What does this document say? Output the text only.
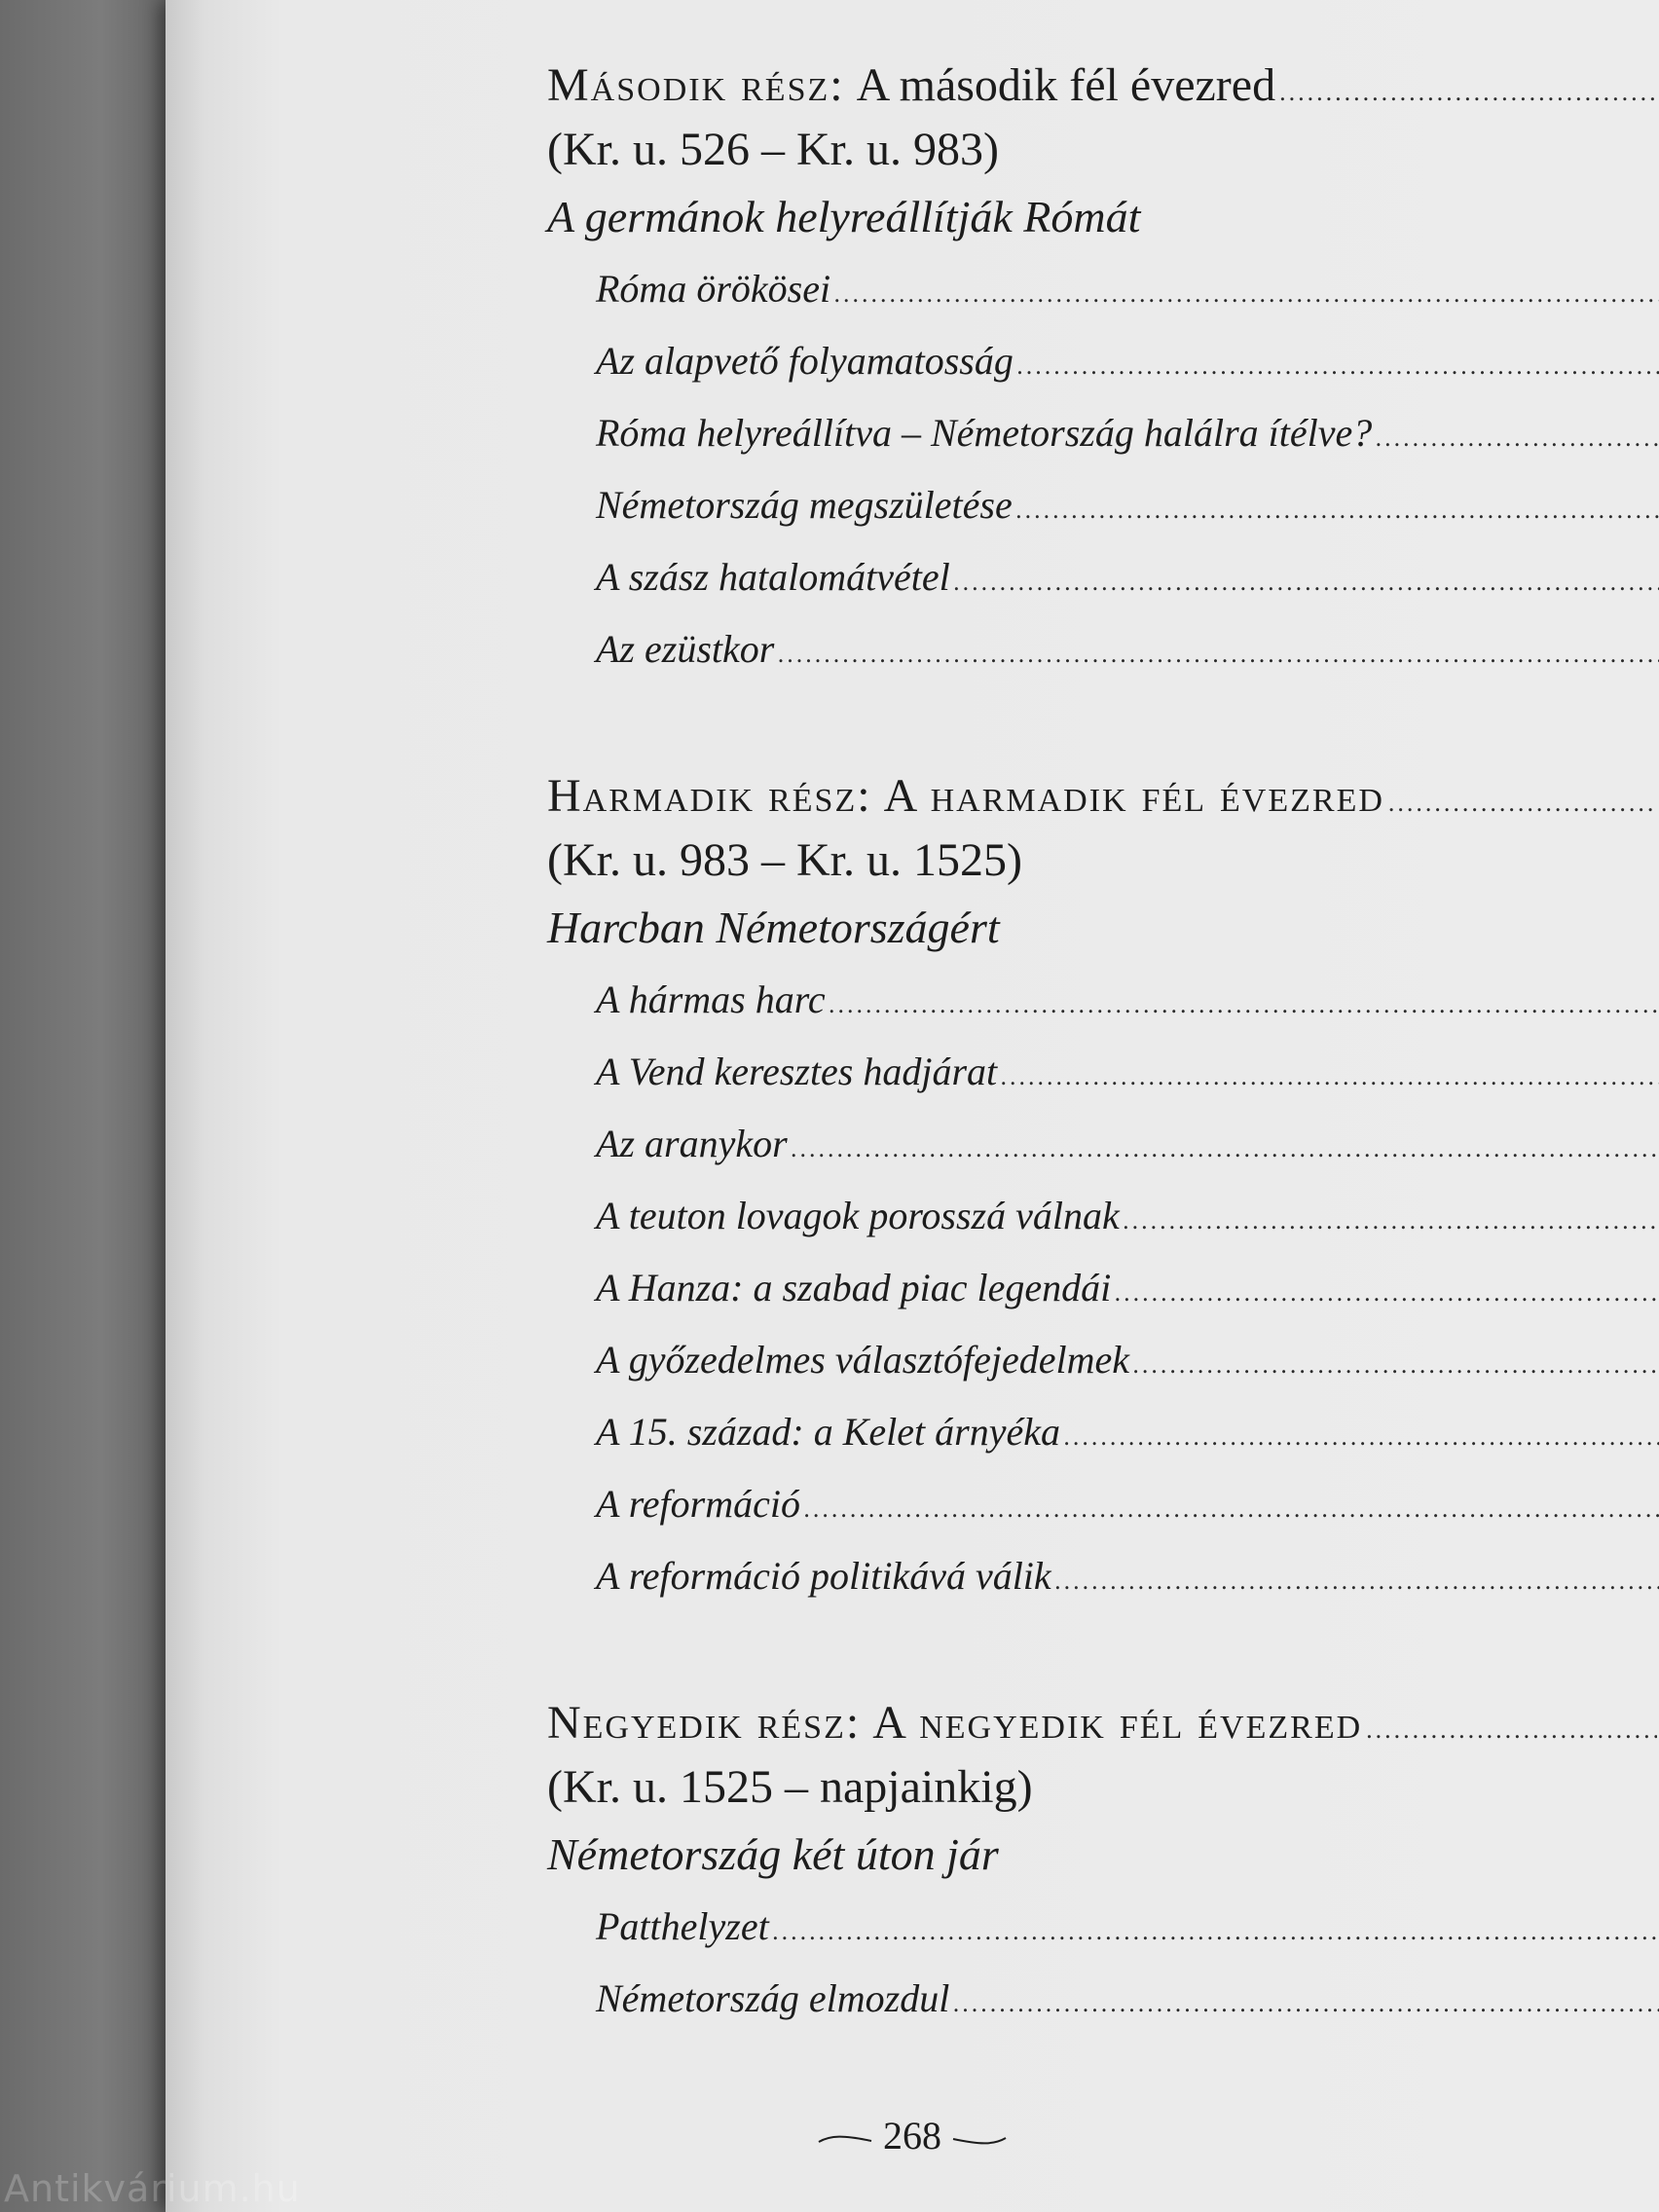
Második rész:
A második fél évezred
.....
(Kr. u. 526 – Kr. u. 983)
A germánok helyreállítják Rómát
Róma örökösei
.....
Az alapvető folyamatosság
.....
Róma helyreállítva – Németország halálra ítélve?
.....
Németország megszületése
.....
A szász hatalomátvétel
.....
Az ezüstkor
.....
Harmadik rész:
A harmadik fél évezred
.....
(Kr. u. 983 – Kr. u. 1525)
Harcban Németországért
A hármas harc
.....
A Vend keresztes hadjárat
.....
Az aranykor
.....
A teuton lovagok porosszá válnak
.....
A Hanza: a szabad piac legendái
.....
A győzedelmes választófejedelmek
.....
A 15. század: a Kelet árnyéka
.....
A reformáció
.....
A reformáció politikává válik
.....
Negyedik rész:
A negyedik fél évezred
.....
(Kr. u. 1525 – napjainkig)
Németország két úton jár
Patthelyzet
.....
Németország elmozdul
.....
268
Antikvárium.hu
